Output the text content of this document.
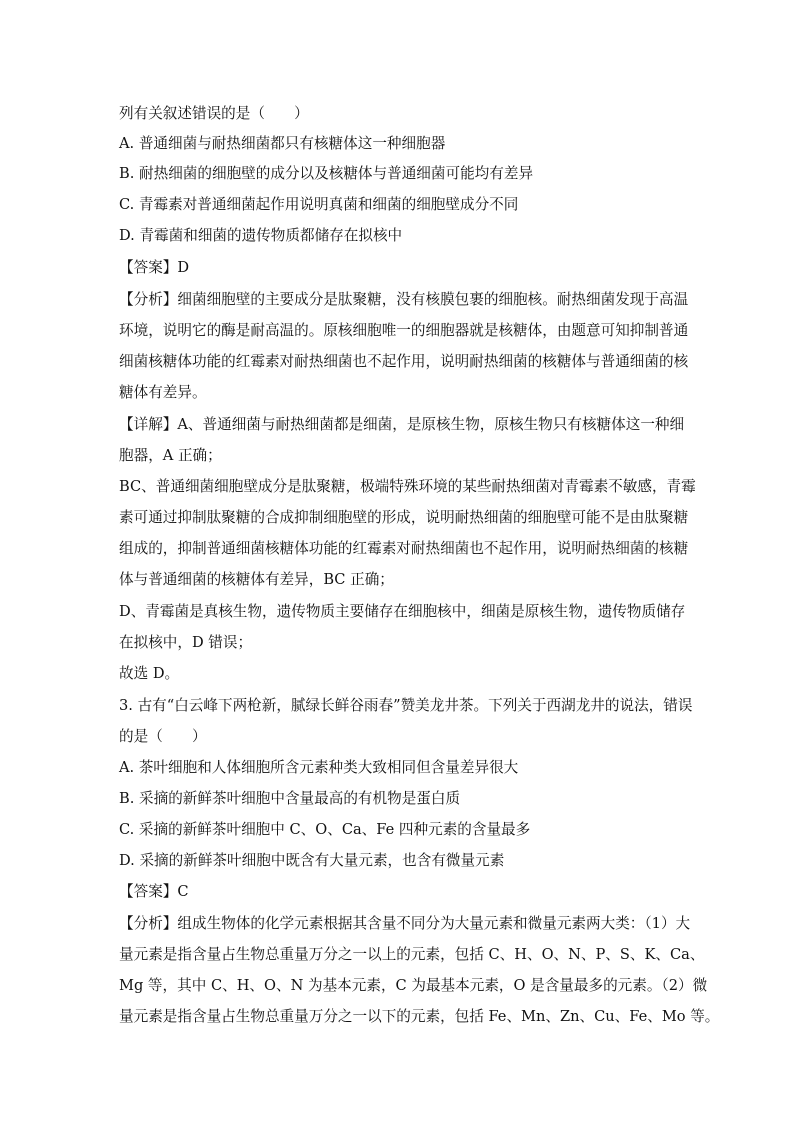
列有关叙述错误的是（　　）
A. 普通细菌与耐热细菌都只有核糖体这一种细胞器
B. 耐热细菌的细胞壁的成分以及核糖体与普通细菌可能均有差异
C. 青霉素对普通细菌起作用说明真菌和细菌的细胞壁成分不同
D. 青霉菌和细菌的遗传物质都储存在拟核中
【答案】D
【分析】细菌细胞壁的主要成分是肽聚糖，没有核膜包裹的细胞核。耐热细菌发现于高温
环境，说明它的酶是耐高温的。原核细胞唯一的细胞器就是核糖体，由题意可知抑制普通
细菌核糖体功能的红霉素对耐热细菌也不起作用，说明耐热细菌的核糖体与普通细菌的核
糖体有差异。
【详解】A、普通细菌与耐热细菌都是细菌，是原核生物，原核生物只有核糖体这一种细
胞器，A 正确；
BC、普通细菌细胞壁成分是肽聚糖，极端特殊环境的某些耐热细菌对青霉素不敏感，青霉
素可通过抑制肽聚糖的合成抑制细胞壁的形成，说明耐热细菌的细胞壁可能不是由肽聚糖
组成的，抑制普通细菌核糖体功能的红霉素对耐热细菌也不起作用，说明耐热细菌的核糖
体与普通细菌的核糖体有差异，BC 正确；
D、青霉菌是真核生物，遗传物质主要储存在细胞核中，细菌是原核生物，遗传物质储存
在拟核中，D 错误；
故选 D。
3. 古有“白云峰下两枪新，腻绿长鲜谷雨春”赞美龙井茶。下列关于西湖龙井的说法，错误
的是（　　）
A. 茶叶细胞和人体细胞所含元素种类大致相同但含量差异很大
B. 采摘的新鲜茶叶细胞中含量最高的有机物是蛋白质
C. 采摘的新鲜茶叶细胞中 C、O、Ca、Fe 四种元素的含量最多
D. 采摘的新鲜茶叶细胞中既含有大量元素，也含有微量元素
【答案】C
【分析】组成生物体的化学元素根据其含量不同分为大量元素和微量元素两大类：（1）大
量元素是指含量占生物总重量万分之一以上的元素，包括 C、H、O、N、P、S、K、Ca、
Mg 等，其中 C、H、O、N 为基本元素，C 为最基本元素，O 是含量最多的元素。（2）微
量元素是指含量占生物总重量万分之一以下的元素，包括 Fe、Mn、Zn、Cu、Fe、Mo 等。
